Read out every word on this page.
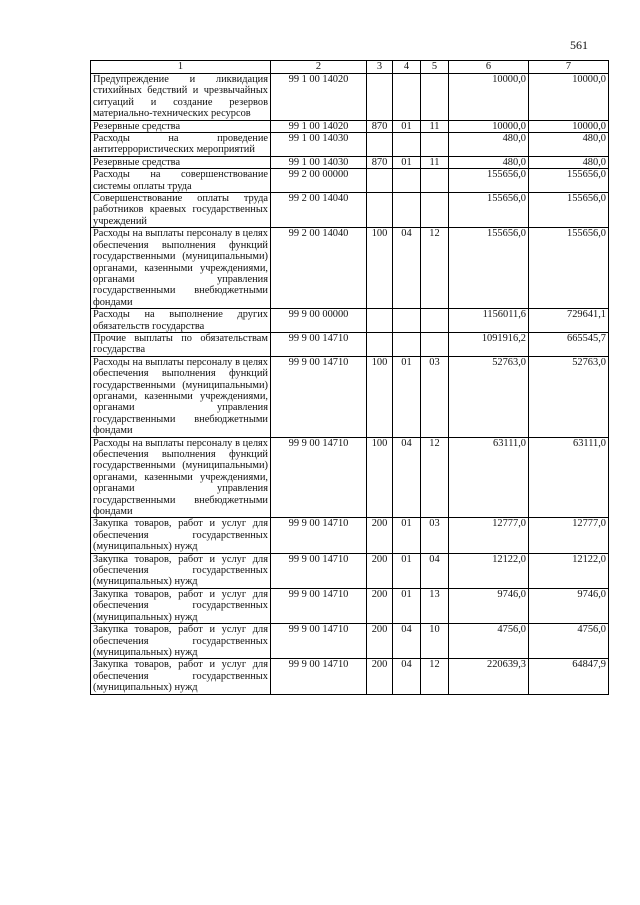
561
1	2	3	4	5	6	7
Предупреждение и ликвидация стихийных бедствий и чрезвычайных ситуаций и создание резервов материально-технических ресурсов	99 1 00 14020				10000,0	10000,0
Резервные средства	99 1 00 14020	870	01	11	10000,0	10000,0
Расходы на проведение антитеррористических мероприятий	99 1 00 14030				480,0	480,0
Резервные средства	99 1 00 14030	870	01	11	480,0	480,0
Расходы на совершенствование системы оплаты труда	99 2 00 00000				155656,0	155656,0
Совершенствование оплаты труда работников краевых государственных учреждений	99 2 00 14040				155656,0	155656,0
Расходы на выплаты персоналу в целях обеспечения выполнения функций государственными (муниципальными) органами, казенными учреждениями, органами управления государственными внебюджетными фондами	99 2 00 14040	100	04	12	155656,0	155656,0
Расходы на выполнение других обязательств государства	99 9 00 00000				1156011,6	729641,1
Прочие выплаты по обязательствам государства	99 9 00 14710				1091916,2	665545,7
Расходы на выплаты персоналу в целях обеспечения выполнения функций государственными (муниципальными) органами, казенными учреждениями, органами управления государственными внебюджетными фондами	99 9 00 14710	100	01	03	52763,0	52763,0
Расходы на выплаты персоналу в целях обеспечения выполнения функций государственными (муниципальными) органами, казенными учреждениями, органами управления государственными внебюджетными фондами	99 9 00 14710	100	04	12	63111,0	63111,0
Закупка товаров, работ и услуг для обеспечения государственных (муниципальных) нужд	99 9 00 14710	200	01	03	12777,0	12777,0
Закупка товаров, работ и услуг для обеспечения государственных (муниципальных) нужд	99 9 00 14710	200	01	04	12122,0	12122,0
Закупка товаров, работ и услуг для обеспечения государственных (муниципальных) нужд	99 9 00 14710	200	01	13	9746,0	9746,0
Закупка товаров, работ и услуг для обеспечения государственных (муниципальных) нужд	99 9 00 14710	200	04	10	4756,0	4756,0
Закупка товаров, работ и услуг для обеспечения государственных (муниципальных) нужд	99 9 00 14710	200	04	12	220639,3	64847,9
